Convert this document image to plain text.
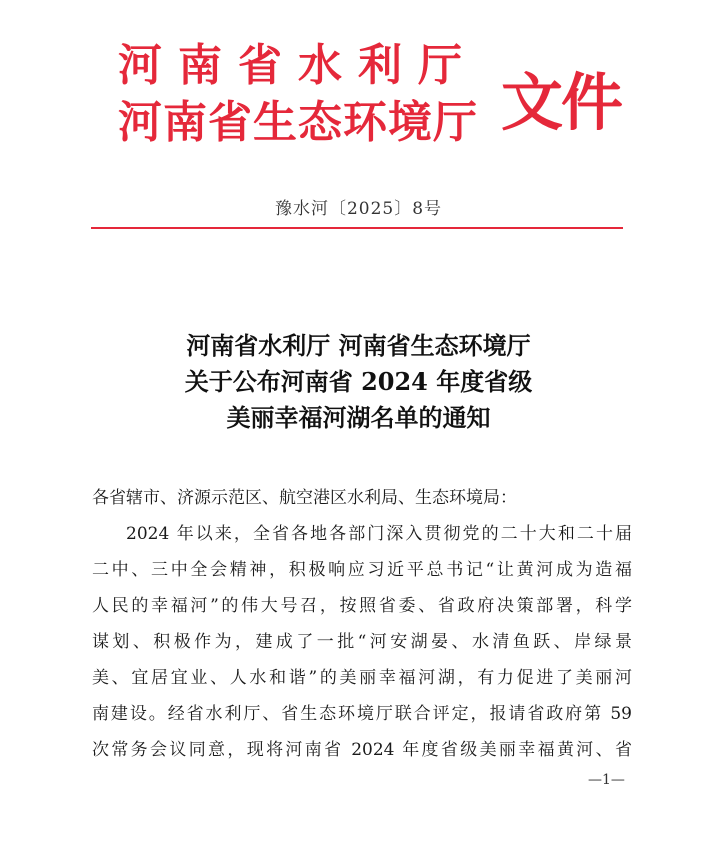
河南省水利厅
河南省生态环境厅 文件
豫水河〔2025〕8号
河南省水利厅 河南省生态环境厅
关于公布河南省 2024 年度省级
美丽幸福河湖名单的通知
各省辖市、济源示范区、航空港区水利局、生态环境局：
2024 年以来，全省各地各部门深入贯彻党的二十大和二十届
二中、三中全会精神，积极响应习近平总书记“让黄河成为造福
人民的幸福河”的伟大号召，按照省委、省政府决策部署，科学
谋划、积极作为，建成了一批“河安湖晏、水清鱼跃、岸绿景
美、宜居宜业、人水和谐”的美丽幸福河湖，有力促进了美丽河
南建设。经省水利厅、省生态环境厅联合评定，报请省政府第 59
次常务会议同意，现将河南省 2024 年度省级美丽幸福黄河、省
—1—
